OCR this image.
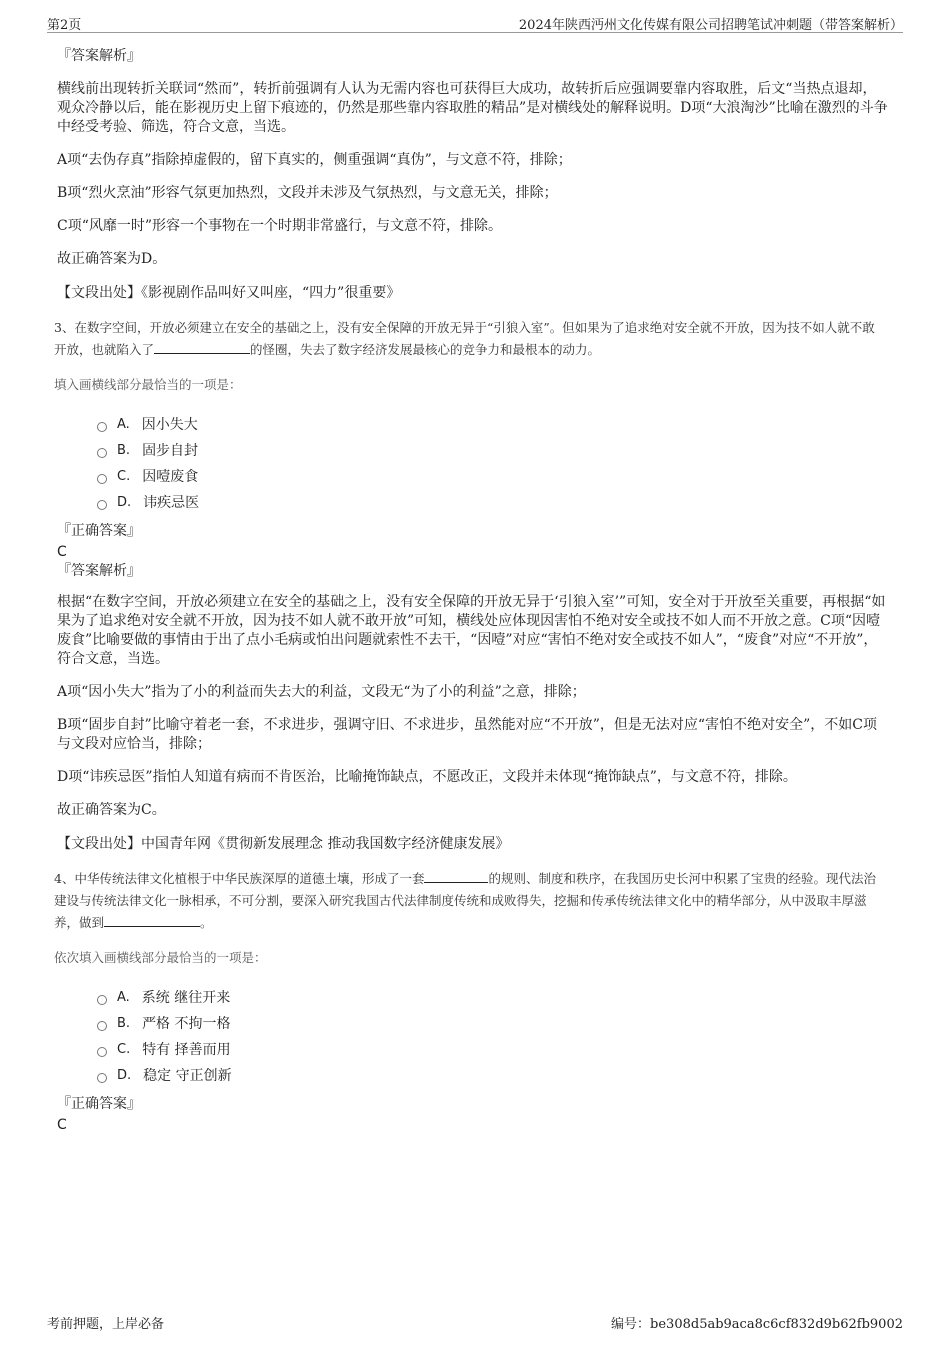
第2页	2024年陕西沔州文化传媒有限公司招聘笔试冲刺题（带答案解析）
『答案解析』
横线前出现转折关联词“然而”，转折前强调有人认为无需内容也可获得巨大成功，故转折后应强调要靠内容取胜，后文“当热点退却，观众冷静以后，能在影视历史上留下痕迹的，仍然是那些靠内容取胜的精品”是对横线处的解释说明。D项“大浪淘沙”比喻在激烈的斗争中经受考验、筛选，符合文意，当选。
A项“去伪存真”指除掉虚假的，留下真实的，侧重强调“真伪”，与文意不符，排除；
B项“烈火烹油”形容气氛更加热烈，文段并未涉及气氛热烈，与文意无关，排除；
C项“风靡一时”形容一个事物在一个时期非常盛行，与文意不符，排除。
故正确答案为D。
【文段出处】《影视剧作品叫好又叫座，“四力”很重要》
3、在数字空间，开放必须建立在安全的基础之上，没有安全保障的开放无异于“引狼入室”。但如果为了追求绝对安全就不开放，因为技不如人就不敢开放，也就陷入了	的怪圈，失去了数字经济发展最核心的竞争力和最根本的动力。
填入画横线部分最恰当的一项是：
A. 因小失大
B. 固步自封
C. 因噎废食
D. 讳疾忌医
『正确答案』
C
『答案解析』
根据“在数字空间，开放必须建立在安全的基础之上，没有安全保障的开放无异于‘引狼入室’”可知，安全对于开放至关重要，再根据“如果为了追求绝对安全就不开放，因为技不如人就不敢开放”可知，横线处应体现因害怕不绝对安全或技不如人而不开放之意。C项“因噎废食”比喻要做的事情由于出了点小毛病或怕出问题就索性不去干，“因噎”对应“害怕不绝对安全或技不如人”，“废食”对应“不开放”，符合文意，当选。
A项“因小失大”指为了小的利益而失去大的利益，文段无“为了小的利益”之意，排除；
B项“固步自封”比喻守着老一套，不求进步，强调守旧、不求进步，虽然能对应“不开放”，但是无法对应“害怕不绝对安全”，不如C项与文段对应恰当，排除；
D项“讳疾忌医”指怕人知道有病而不肯医治，比喻掩饰缺点，不愿改正，文段并未体现“掩饰缺点”，与文意不符，排除。
故正确答案为C。
【文段出处】中国青年网《贯彻新发展理念 推动我国数字经济健康发展》
4、中华传统法律文化植根于中华民族深厚的道德土壤，形成了一套	的规则、制度和秩序，在我国历史长河中积累了宝贵的经验。现代法治建设与传统法律文化一脉相承，不可分割，要深入研究我国古代法律制度传统和成败得失，挖掘和传承传统法律文化中的精华部分，从中汲取丰厚滋养，做到	。
依次填入画横线部分最恰当的一项是：
A. 系统 继往开来
B. 严格 不拘一格
C. 特有 择善而用
D. 稳定 守正创新
『正确答案』
C
考前押题，上岸必备	编号：be308d5ab9aca8c6cf832d9b62fb9002
